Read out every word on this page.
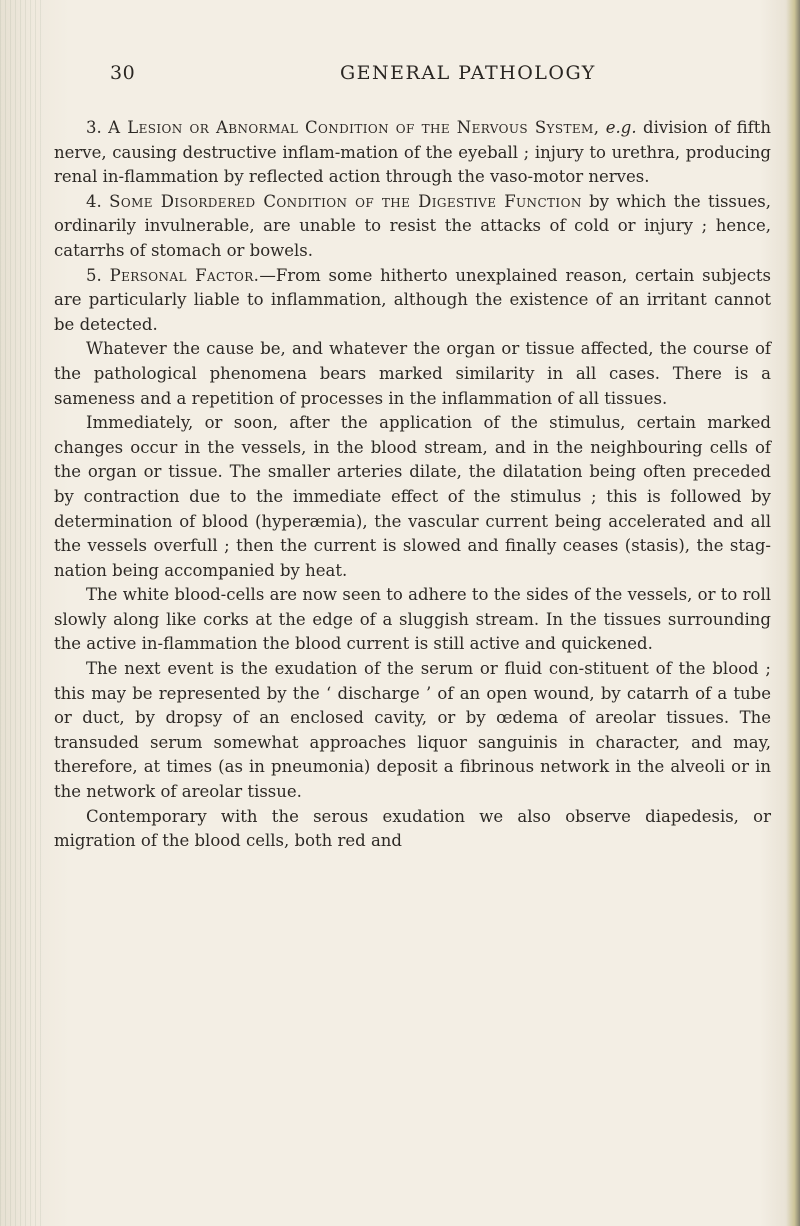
30	GENERAL PATHOLOGY

3. A Lesion or Abnormal Condition of the Nervous System, e.g. division of fifth nerve, causing destructive inflam-mation of the eyeball ; injury to urethra, producing renal in-flammation by reflected action through the vaso-motor nerves.

4. Some Disordered Condition of the Digestive Function by which the tissues, ordinarily invulnerable, are unable to resist the attacks of cold or injury ; hence, catarrhs of stomach or bowels.

5. Personal Factor.—From some hitherto unexplained reason, certain subjects are particularly liable to inflammation, although the existence of an irritant cannot be detected.

Whatever the cause be, and whatever the organ or tissue affected, the course of the pathological phenomena bears marked similarity in all cases. There is a sameness and a repetition of processes in the inflammation of all tissues.

Immediately, or soon, after the application of the stimulus, certain marked changes occur in the vessels, in the blood stream, and in the neighbouring cells of the organ or tissue. The smaller arteries dilate, the dilatation being often preceded by contraction due to the immediate effect of the stimulus ; this is followed by determination of blood (hyperæmia), the vascular current being accelerated and all the vessels overfull ; then the current is slowed and finally ceases (stasis), the stag-nation being accompanied by heat.

The white blood-cells are now seen to adhere to the sides of the vessels, or to roll slowly along like corks at the edge of a sluggish stream. In the tissues surrounding the active in-flammation the blood current is still active and quickened.

The next event is the exudation of the serum or fluid con-stituent of the blood ; this may be represented by the ‘ discharge ’ of an open wound, by catarrh of a tube or duct, by dropsy of an enclosed cavity, or by œdema of areolar tissues. The transuded serum somewhat approaches liquor sanguinis in character, and may, therefore, at times (as in pneumonia) deposit a fibrinous network in the alveoli or in the network of areolar tissue.

Contemporary with the serous exudation we also observe diapedesis, or migration of the blood cells, both red and
